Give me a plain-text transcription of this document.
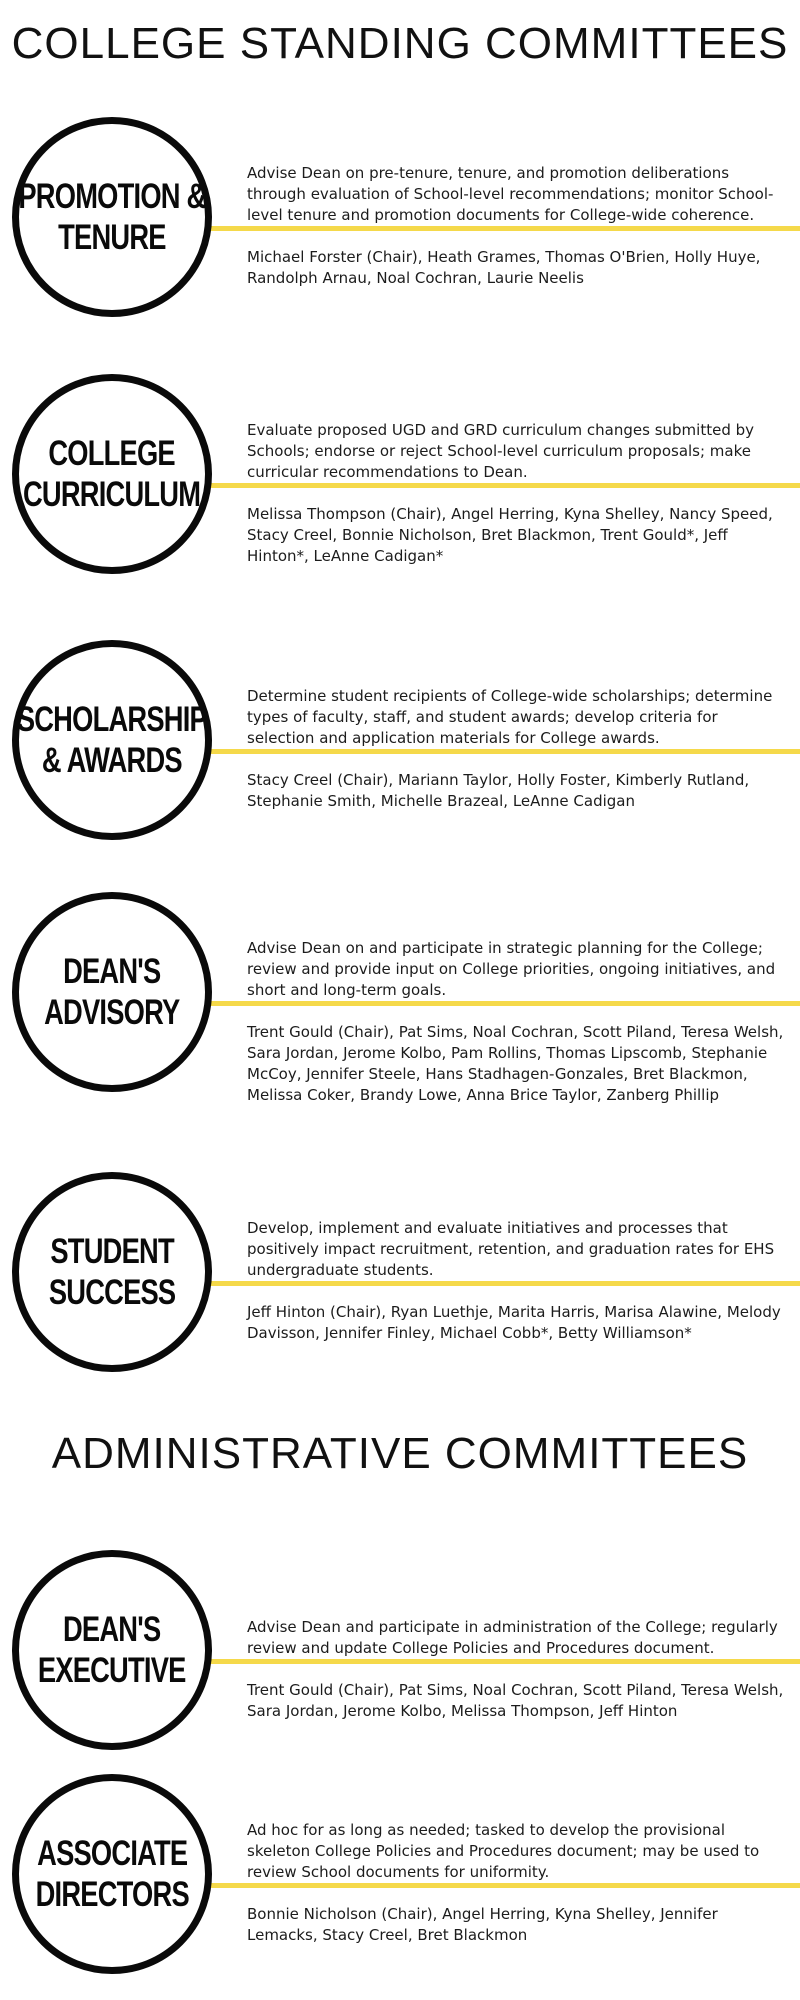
COLLEGE STANDING COMMITTEES
PROMOTION &
TENURE
Advise Dean on pre-tenure, tenure, and promotion deliberations through evaluation of School-level recommendations; monitor School-level tenure and promotion documents for College-wide coherence.
Michael Forster (Chair), Heath Grames, Thomas O'Brien, Holly Huye, Randolph Arnau, Noal Cochran, Laurie Neelis
COLLEGE
CURRICULUM
Evaluate proposed UGD and GRD curriculum changes submitted by Schools; endorse or reject School-level curriculum proposals; make curricular recommendations to Dean.
Melissa Thompson (Chair), Angel Herring, Kyna Shelley, Nancy Speed, Stacy Creel, Bonnie Nicholson, Bret Blackmon, Trent Gould*, Jeff Hinton*, LeAnne Cadigan*
SCHOLARSHIP
& AWARDS
Determine student recipients of College-wide scholarships; determine types of faculty, staff, and student awards; develop criteria for selection and application materials for College awards.
Stacy Creel (Chair), Mariann Taylor, Holly Foster, Kimberly Rutland, Stephanie Smith, Michelle Brazeal, LeAnne Cadigan
DEAN'S
ADVISORY
Advise Dean on and participate in strategic planning for the College; review and provide input on College priorities, ongoing initiatives, and short and long-term goals.
Trent Gould (Chair), Pat Sims, Noal Cochran, Scott Piland, Teresa Welsh, Sara Jordan, Jerome Kolbo, Pam Rollins, Thomas Lipscomb, Stephanie McCoy, Jennifer Steele, Hans Stadhagen-Gonzales, Bret Blackmon, Melissa Coker, Brandy Lowe, Anna Brice Taylor, Zanberg Phillip
STUDENT
SUCCESS
Develop, implement and evaluate initiatives and processes that positively impact recruitment, retention, and graduation rates for EHS undergraduate students.
Jeff Hinton (Chair), Ryan Luethje, Marita Harris, Marisa Alawine, Melody Davisson, Jennifer Finley, Michael Cobb*, Betty Williamson*
ADMINISTRATIVE COMMITTEES
DEAN'S
EXECUTIVE
Advise Dean and participate in administration of the College; regularly review and update College Policies and Procedures document.
Trent Gould (Chair), Pat Sims, Noal Cochran, Scott Piland, Teresa Welsh, Sara Jordan, Jerome Kolbo, Melissa Thompson, Jeff Hinton
ASSOCIATE
DIRECTORS
Ad hoc for as long as needed; tasked to develop the provisional skeleton College Policies and Procedures document; may be used to review School documents for uniformity.
Bonnie Nicholson (Chair), Angel Herring, Kyna Shelley, Jennifer Lemacks, Stacy Creel, Bret Blackmon
